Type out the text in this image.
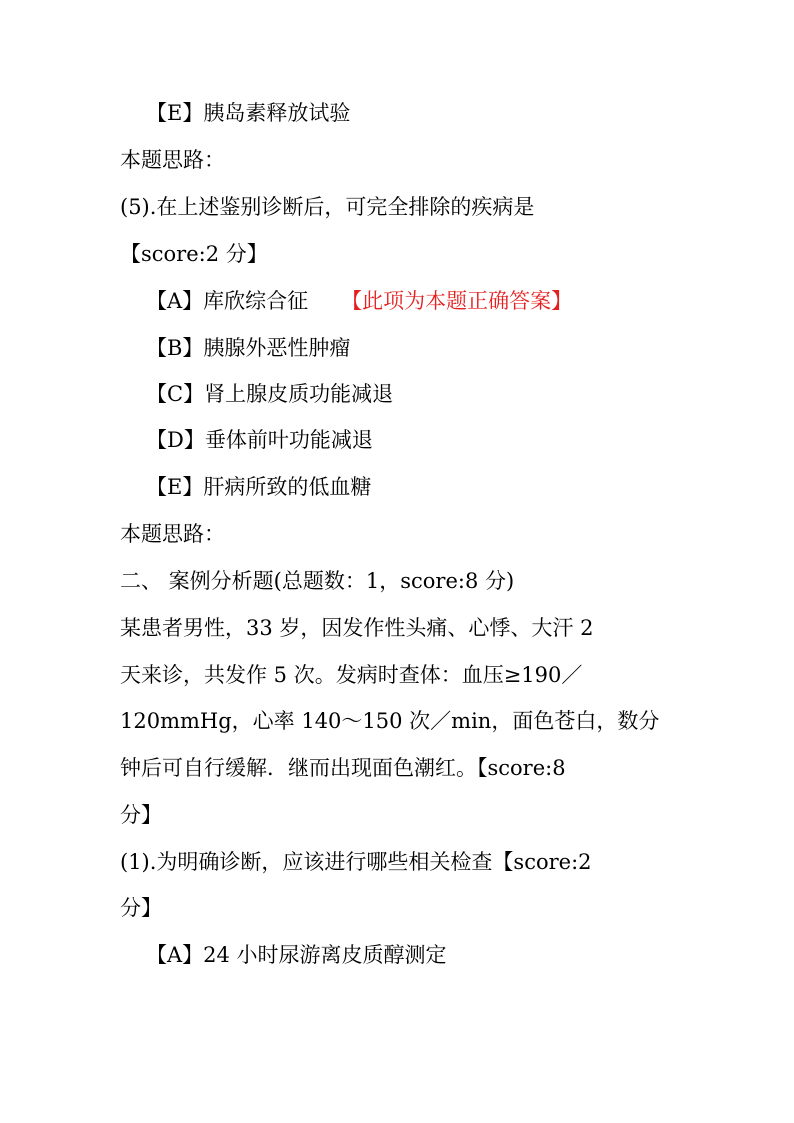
【E】胰岛素释放试验
本题思路：
(5).在上述鉴别诊断后，可完全排除的疾病是
【score:2 分】
【A】库欣综合征 【此项为本题正确答案】
【B】胰腺外恶性肿瘤
【C】肾上腺皮质功能减退
【D】垂体前叶功能减退
【E】肝病所致的低血糖
本题思路：
二、 案例分析题(总题数：1，score:8 分)
某患者男性，33 岁，因发作性头痛、心悸、大汗 2
天来诊，共发作 5 次。发病时查体：血压≥190／
120mmHg，心率 140～150 次／min，面色苍白，数分
钟后可自行缓解．继而出现面色潮红。【score:8
分】
(1).为明确诊断，应该进行哪些相关检查【score:2
分】
【A】24 小时尿游离皮质醇测定
